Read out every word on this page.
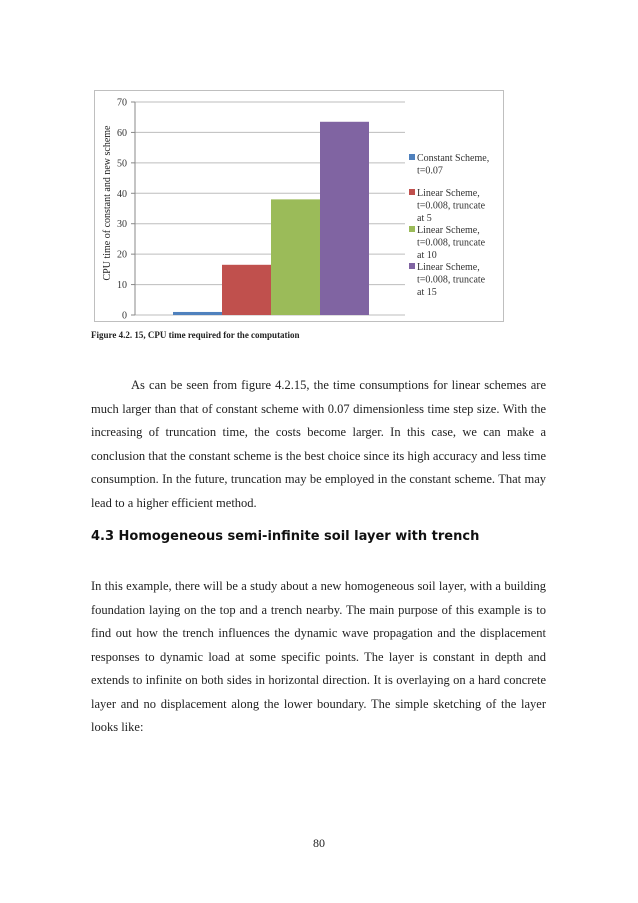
0
10
20
30
40
50
60
70
Constant Scheme,
t=0.07
Linear Scheme,
t=0.008, truncate
at 5
Linear Scheme,
t=0.008, truncate
at 10
Linear Scheme,
t=0.008, truncate
at 15
CPU time of constant and new scheme
Figure 4.2. 15, CPU time required for the computation

As can be seen from figure 4.2.15, the time consumptions for linear schemes are much larger than that of constant scheme with 0.07 dimensionless time step size. With the increasing of truncation time, the costs become larger. In this case, we can make a conclusion that the constant scheme is the best choice since its high accuracy and less time consumption. In the future, truncation may be employed in the constant scheme. That may lead to a higher efficient method.

4.3 Homogeneous semi-infinite soil layer with trench

In this example, there will be a study about a new homogeneous soil layer, with a building foundation laying on the top and a trench nearby. The main purpose of this example is to find out how the trench influences the dynamic wave propagation and the displacement responses to dynamic load at some specific points. The layer is constant in depth and extends to infinite on both sides in horizontal direction. It is overlaying on a hard concrete layer and no displacement along the lower boundary. The simple sketching of the layer looks like:

80
